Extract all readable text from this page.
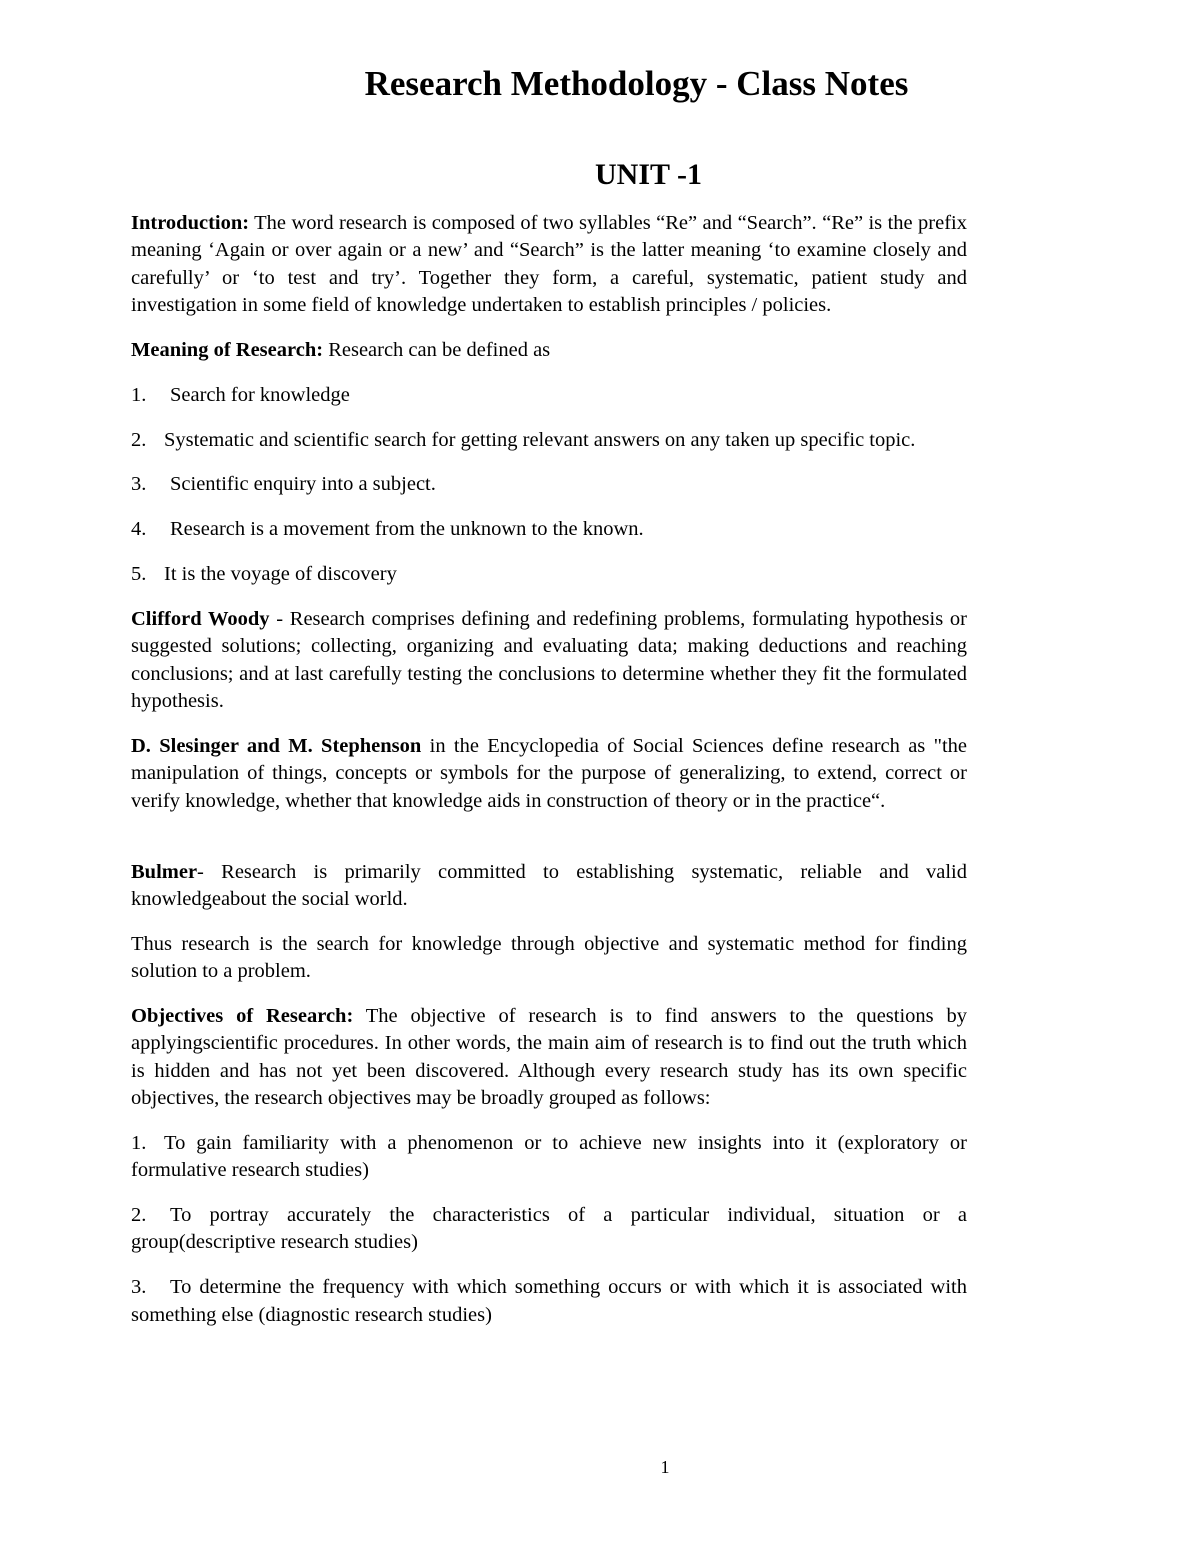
Research Methodology - Class Notes
UNIT -1

Introduction: The word research is composed of two syllables “Re” and “Search”. “Re” is the prefix meaning ‘Again or over again or a new’ and “Search” is the latter meaning ‘to examine closely and carefully’ or ‘to test and try’. Together they form, a careful, systematic, patient study and investigation in some field of knowledge undertaken to establish principles / policies.

Meaning of Research: Research can be defined as

1. Search for knowledge

2. Systematic and scientific search for getting relevant answers on any taken up specific topic.

3. Scientific enquiry into a subject.

4. Research is a movement from the unknown to the known.

5. It is the voyage of discovery

Clifford Woody - Research comprises defining and redefining problems, formulating hypothesis or suggested solutions; collecting, organizing and evaluating data; making deductions and reaching conclusions; and at last carefully testing the conclusions to determine whether they fit the formulated hypothesis.

D. Slesinger and M. Stephenson in the Encyclopedia of Social Sciences define research as "the manipulation of things, concepts or symbols for the purpose of generalizing, to extend, correct or verify knowledge, whether that knowledge aids in construction of theory or in the practice“.

Bulmer- Research is primarily committed to establishing systematic, reliable and valid knowledgeabout the social world.

Thus research is the search for knowledge through objective and systematic method for finding solution to a problem.

Objectives of Research: The objective of research is to find answers to the questions by applyingscientific procedures. In other words, the main aim of research is to find out the truth which is hidden and has not yet been discovered. Although every research study has its own specific objectives, the research objectives may be broadly grouped as follows:

1. To gain familiarity with a phenomenon or to achieve new insights into it (exploratory or formulative research studies)

2. To portray accurately the characteristics of a particular individual, situation or a group(descriptive research studies)

3. To determine the frequency with which something occurs or with which it is associated with something else (diagnostic research studies)

1
